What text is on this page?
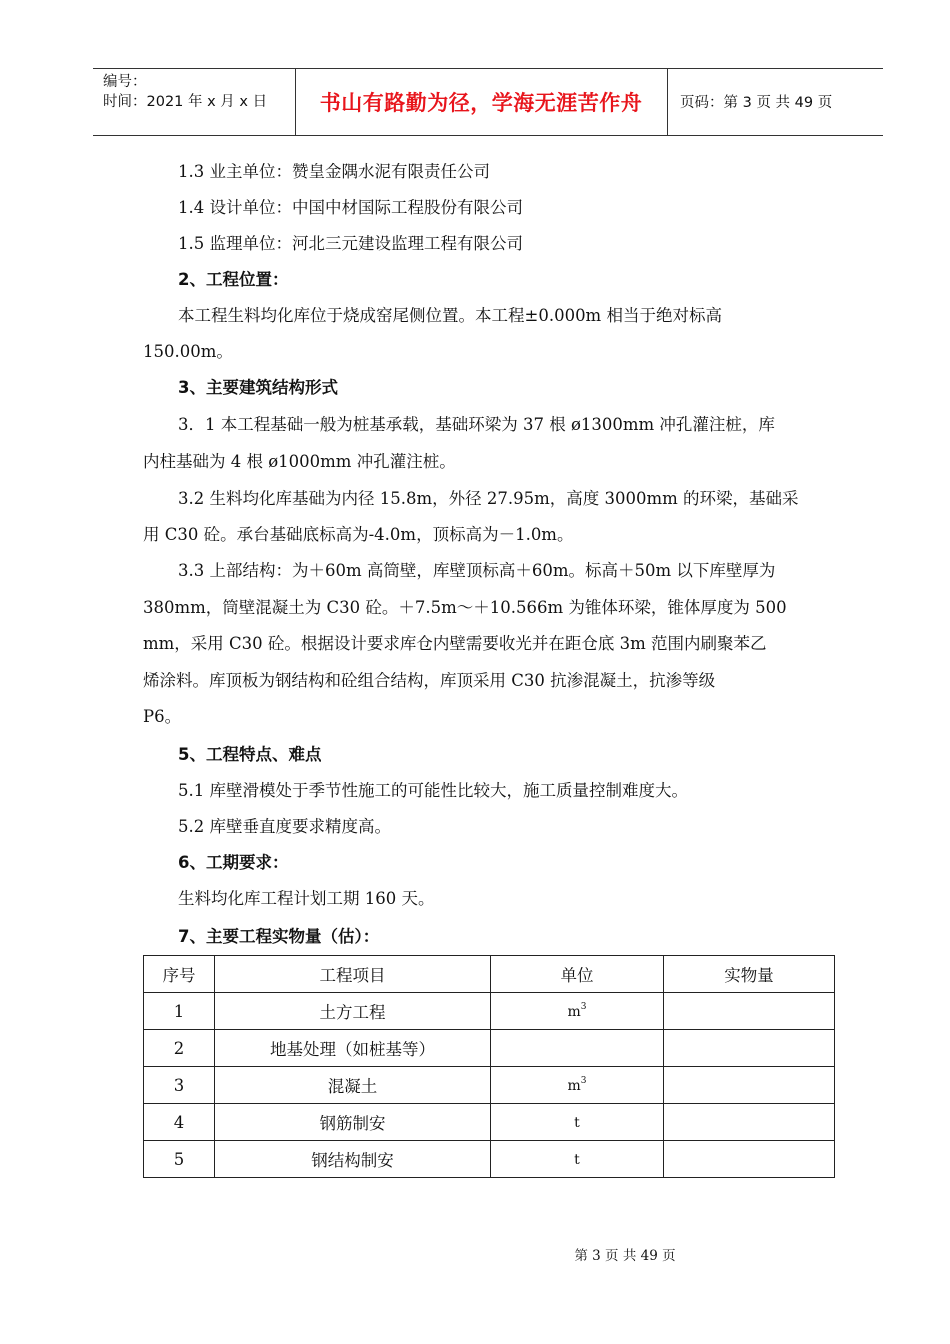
编号：
时间：2021 年 x 月 x 日	书山有路勤为径，学海无涯苦作舟	页码：第 3 页 共 49 页
1.3 业主单位：赞皇金隅水泥有限责任公司
1.4 设计单位：中国中材国际工程股份有限公司
1.5 监理单位：河北三元建设监理工程有限公司
2、工程位置：
本工程生料均化库位于烧成窑尾侧位置。本工程±0.000m 相当于绝对标高
150.00m。
3、主要建筑结构形式
3．1 本工程基础一般为桩基承载，基础环梁为 37 根 ø1300mm 冲孔灌注桩，库
内柱基础为 4 根 ø1000mm 冲孔灌注桩。
3.2 生料均化库基础为内径 15.8m，外径 27.95m，高度 3000mm 的环梁，基础采
用 C30 砼。承台基础底标高为-4.0m，顶标高为－1.0m。
3.3 上部结构：为＋60m 高筒壁，库壁顶标高＋60m。标高＋50m 以下库壁厚为
380mm，筒壁混凝土为 C30 砼。＋7.5m～＋10.566m 为锥体环梁，锥体厚度为 500
mm，采用 C30 砼。根据设计要求库仓内壁需要收光并在距仓底 3m 范围内刷聚苯乙
烯涂料。库顶板为钢结构和砼组合结构，库顶采用 C30 抗渗混凝土，抗渗等级
P6。
5、工程特点、难点
5.1 库壁滑模处于季节性施工的可能性比较大，施工质量控制难度大。
5.2 库壁垂直度要求精度高。
6、工期要求：
生料均化库工程计划工期 160 天。
7、主要工程实物量（估）：
序号	工程项目	单位	实物量
1	土方工程	$m^3$	
2	地基处理（如桩基等）		
3	混凝土	$m^3$	
4	钢筋制安	t	
5	钢结构制安	t	
第 3 页 共 49 页
